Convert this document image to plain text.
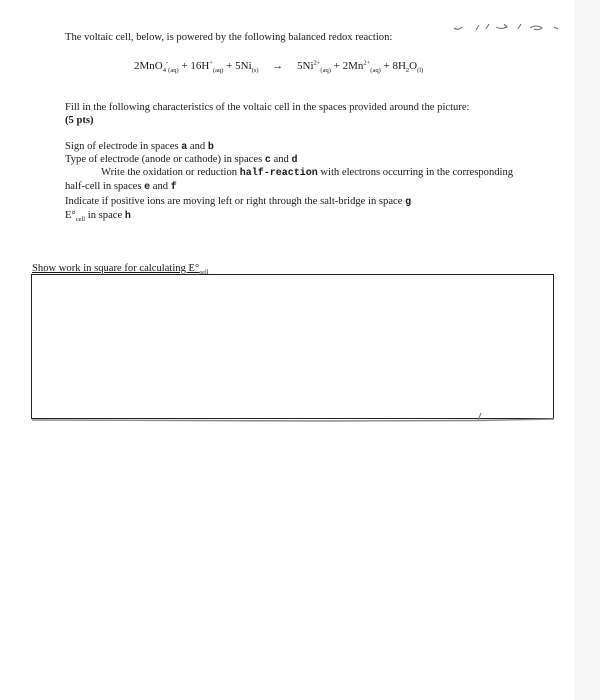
The voltaic cell, below, is powered by the following balanced redox reaction:
$2MnO_4^-_{(aq)} + 16H^+_{(aq)} + 5Ni_{(s)} \to 5Ni^{2+}_{(aq)} + 2Mn^{2+}_{(aq)} + 8H_2O_{(l)}$
Fill in the following characteristics of the voltaic cell in the spaces provided around the picture:
(5 pts)
Sign of electrode in spaces a and b
Type of electrode (anode or cathode) in spaces c and d
Write the oxidation or reduction half-reaction with electrons occurring in the corresponding
half-cell in spaces e and f
Indicate if positive ions are moving left or right through the salt-bridge in space g
$E^\circ_{cell}$ in space h
Show work in square for calculating $E^\circ_{cell}$
